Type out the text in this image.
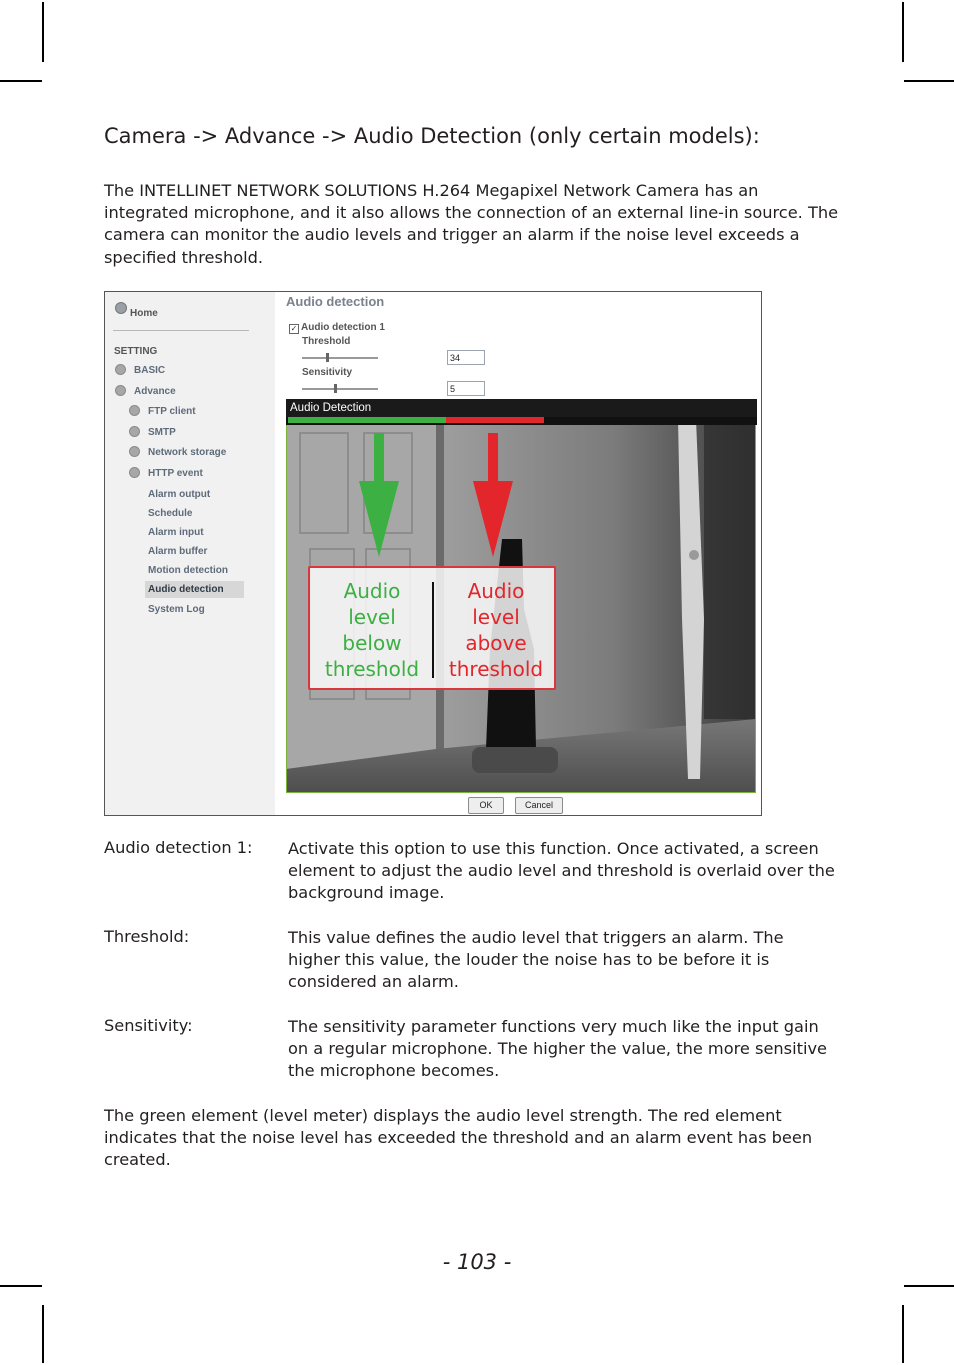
Camera -> Advance -> Audio Detection (only certain models):
The INTELLINET NETWORK SOLUTIONS H.264 Megapixel Network Camera has an integrated microphone, and it also allows the connection of an external line-in source. The camera can monitor the audio levels and trigger an alarm if the noise level exceeds a specified threshold.
Home
SETTING
BASIC
Advance
FTP client
SMTP
Network storage
HTTP event
Alarm output
Schedule
Alarm input
Alarm buffer
Motion detection
Audio detection
System Log
Audio detection
✓ Audio detection 1
Threshold
34
Sensitivity
5
Audio Detection
Audio
level
below
threshold
Audio
level
above
threshold
OK	Cancel
Audio detection 1: Activate this option to use this function. Once activated, a screen element to adjust the audio level and threshold is overlaid over the background image.
Threshold:	This value defines the audio level that triggers an alarm. The higher this value, the louder the noise has to be before it is considered an alarm.
Sensitivity:	The sensitivity parameter functions very much like the input gain on a regular microphone. The higher the value, the more sensitive the microphone becomes.
The green element (level meter) displays the audio level strength. The red element indicates that the noise level has exceeded the threshold and an alarm event has been created.
- 103 -
